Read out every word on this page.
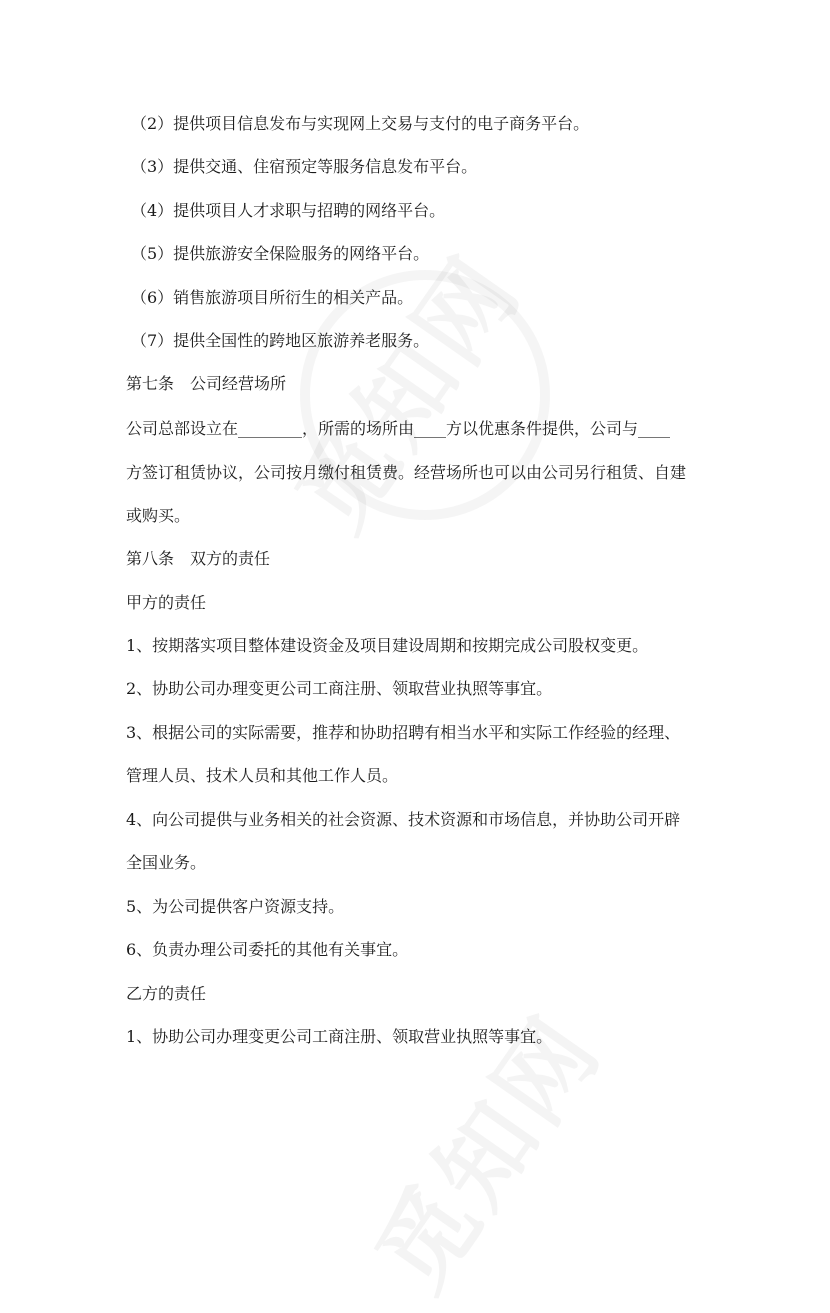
（2）提供项目信息发布与实现网上交易与支付的电子商务平台。
（3）提供交通、住宿预定等服务信息发布平台。
（4）提供项目人才求职与招聘的网络平台。
（5）提供旅游安全保险服务的网络平台。
（6）销售旅游项目所衍生的相关产品。
（7）提供全国性的跨地区旅游养老服务。
第七条　公司经营场所
公司总部设立在________，所需的场所由____方以优惠条件提供，公司与____
方签订租赁协议，公司按月缴付租赁费。经营场所也可以由公司另行租赁、自建
或购买。
第八条　双方的责任
甲方的责任
1、按期落实项目整体建设资金及项目建设周期和按期完成公司股权变更。
2、协助公司办理变更公司工商注册、领取营业执照等事宜。
3、根据公司的实际需要，推荐和协助招聘有相当水平和实际工作经验的经理、
管理人员、技术人员和其他工作人员。
4、向公司提供与业务相关的社会资源、技术资源和市场信息，并协助公司开辟
全国业务。
5、为公司提供客户资源支持。
6、负责办理公司委托的其他有关事宜。
乙方的责任
1、协助公司办理变更公司工商注册、领取营业执照等事宜。
